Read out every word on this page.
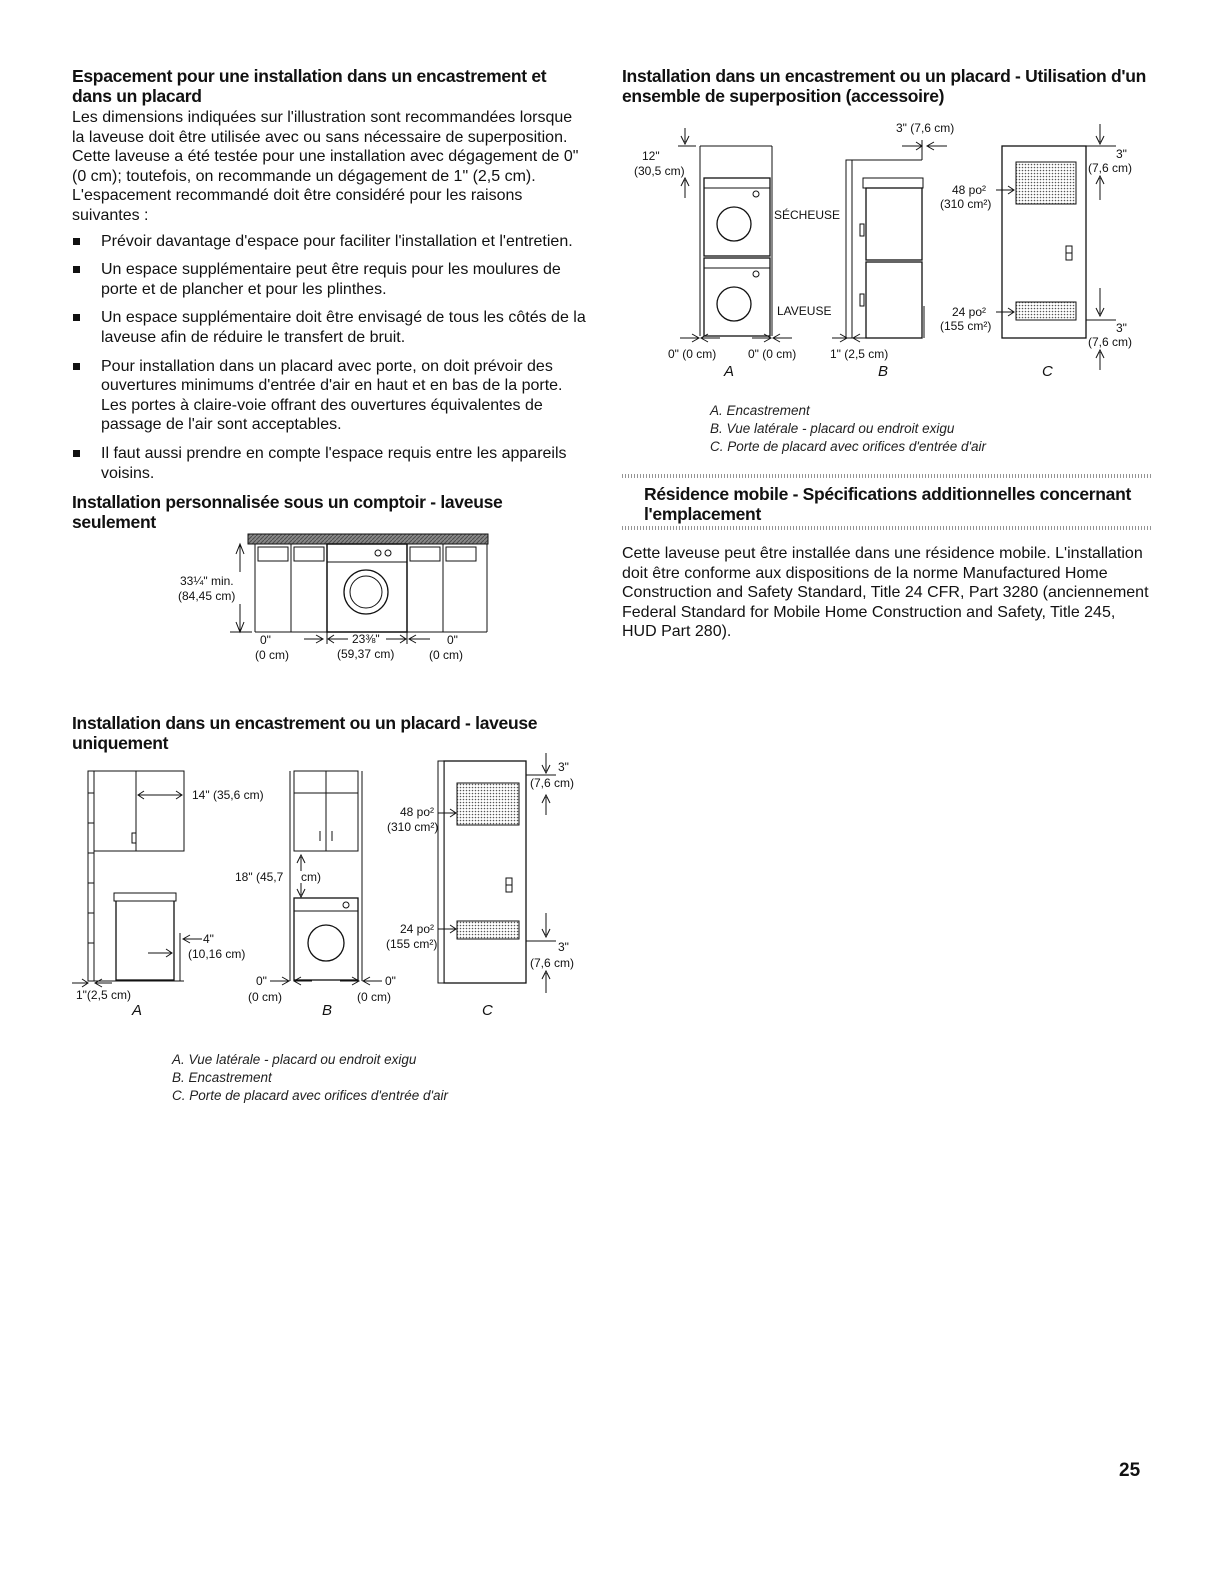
Espacement pour une installation dans un encastrement et dans un placard

Les dimensions indiquées sur l'illustration sont recommandées lorsque la laveuse doit être utilisée avec ou sans nécessaire de superposition. Cette laveuse a été testée pour une installation avec dégagement de 0" (0 cm); toutefois, on recommande un dégagement de 1" (2,5 cm). L'espacement recommandé doit être considéré pour les raisons suivantes :

Prévoir davantage d'espace pour faciliter l'installation et l'entretien.
Un espace supplémentaire peut être requis pour les moulures de porte et de plancher et pour les plinthes.
Un espace supplémentaire doit être envisagé de tous les côtés de la laveuse afin de réduire le transfert de bruit.
Pour installation dans un placard avec porte, on doit prévoir des ouvertures minimums d'entrée d'air en haut et en bas de la porte. Les portes à claire-voie offrant des ouvertures équivalentes de passage de l'air sont acceptables.
Il faut aussi prendre en compte l'espace requis entre les appareils voisins.
Installation personnalisée sous un comptoir - laveuse seulement
33¼" min.
(84,45 cm)
0"
(0 cm)
23⅜"
(59,37 cm)
0"
(0 cm)
Installation dans un encastrement ou un placard - laveuse uniquement
14" (35,6 cm)
4"
(10,16 cm)
1"(2,5 cm)
A
18" (45,7 cm)
0"
(0 cm)
0"
(0 cm)
B
48 po²
(310 cm²)
24 po²
(155 cm²)
3"
(7,6 cm)
3"
(7,6 cm)
C
A. Vue latérale - placard ou endroit exigu
B. Encastrement
C. Porte de placard avec orifices d'entrée d'air
Installation dans un encastrement ou un placard - Utilisation d'un ensemble de superposition (accessoire)
12"
(30,5 cm)
SÉCHEUSE
LAVEUSE
0" (0 cm)	0" (0 cm)
A
3" (7,6 cm)
1" (2,5 cm)
B
48 po²
(310 cm²)
24 po²
(155 cm²)
3"
(7,6 cm)
3"
(7,6 cm)
C
A. Encastrement
B. Vue latérale - placard ou endroit exigu
C. Porte de placard avec orifices d'entrée d'air
Résidence mobile - Spécifications additionnelles concernant l'emplacement

Cette laveuse peut être installée dans une résidence mobile. L'installation doit être conforme aux dispositions de la norme Manufactured Home Construction and Safety Standard, Title 24 CFR, Part 3280 (anciennement Federal Standard for Mobile Home Construction and Safety, Title 245, HUD Part 280).

25
